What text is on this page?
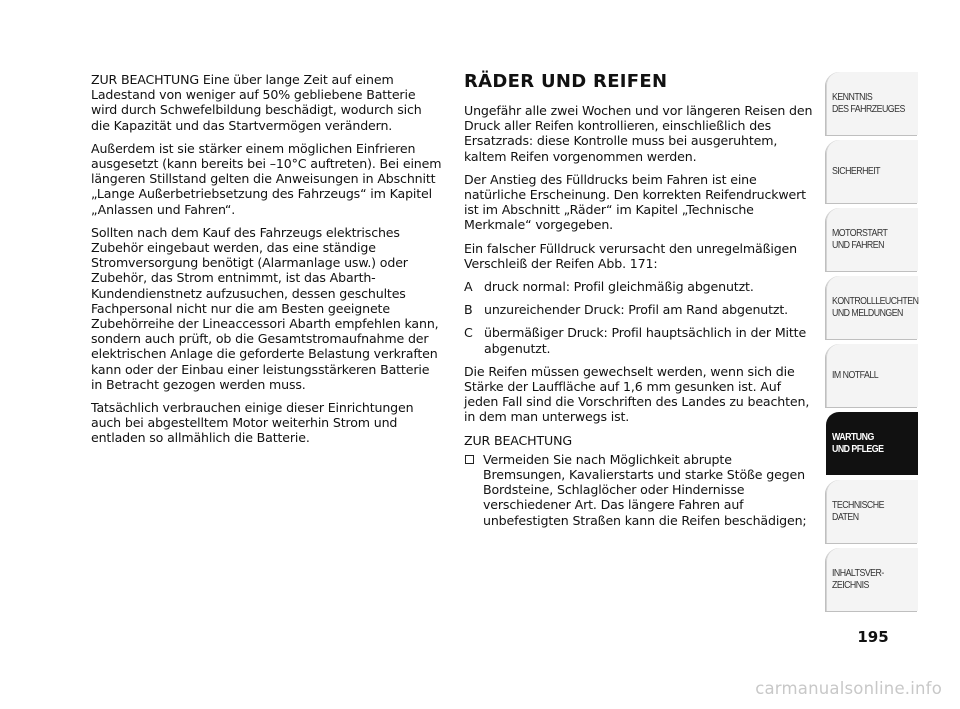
ZUR BEACHTUNG Eine über lange Zeit auf einem Ladestand von weniger auf 50% gebliebene Batterie wird durch Schwefelbildung beschädigt, wodurch sich die Kapazität und das Startvermögen verändern.

Außerdem ist sie stärker einem möglichen Einfrieren ausgesetzt (kann bereits bei –10°C auftreten). Bei einem längeren Stillstand gelten die Anweisungen in Abschnitt „Lange Außerbetriebsetzung des Fahrzeugs“ im Kapitel „Anlassen und Fahren“.

Sollten nach dem Kauf des Fahrzeugs elektrisches Zubehör eingebaut werden, das eine ständige Stromversorgung benötigt (Alarmanlage usw.) oder Zubehör, das Strom entnimmt, ist das Abarth-Kundendienstnetz aufzusuchen, dessen geschultes Fachpersonal nicht nur die am Besten geeignete Zubehörreihe der Lineaccessori Abarth empfehlen kann, sondern auch prüft, ob die Gesamtstromaufnahme der elektrischen Anlage die geforderte Belastung verkraften kann oder der Einbau einer leistungsstärkeren Batterie in Betracht gezogen werden muss.

Tatsächlich verbrauchen einige dieser Einrichtungen auch bei abgestelltem Motor weiterhin Strom und entladen so allmählich die Batterie.

RÄDER UND REIFEN

Ungefähr alle zwei Wochen und vor längeren Reisen den Druck aller Reifen kontrollieren, einschließlich des Ersatzrads: diese Kontrolle muss bei ausgeruhtem, kaltem Reifen vorgenommen werden.

Der Anstieg des Fülldrucks beim Fahren ist eine natürliche Erscheinung. Den korrekten Reifendruckwert ist im Abschnitt „Räder“ im Kapitel „Technische Merkmale“ vorgegeben.

Ein falscher Fülldruck verursacht den unregelmäßigen Verschleiß der Reifen Abb. 171:

A druck normal: Profil gleichmäßig abgenutzt.
B unzureichender Druck: Profil am Rand abgenutzt.
C übermäßiger Druck: Profil hauptsächlich in der Mitte abgenutzt.

Die Reifen müssen gewechselt werden, wenn sich die Stärke der Lauffläche auf 1,6 mm gesunken ist. Auf jeden Fall sind die Vorschriften des Landes zu beachten, in dem man unterwegs ist.

ZUR BEACHTUNG

Vermeiden Sie nach Möglichkeit abrupte Bremsungen, Kavalierstarts und starke Stöße gegen Bordsteine, Schlaglöcher oder Hindernisse verschiedener Art. Das längere Fahren auf unbefestigten Straßen kann die Reifen beschädigen;
KENNTNIS
DES FAHRZEUGES
SICHERHEIT
MOTORSTART
UND FAHREN
KONTROLLLEUCHTEN
UND MELDUNGEN
IM NOTFALL
WARTUNG
UND PFLEGE
TECHNISCHE
DATEN
INHALTSVER-
ZEICHNIS
195
carmanualsonline.info
